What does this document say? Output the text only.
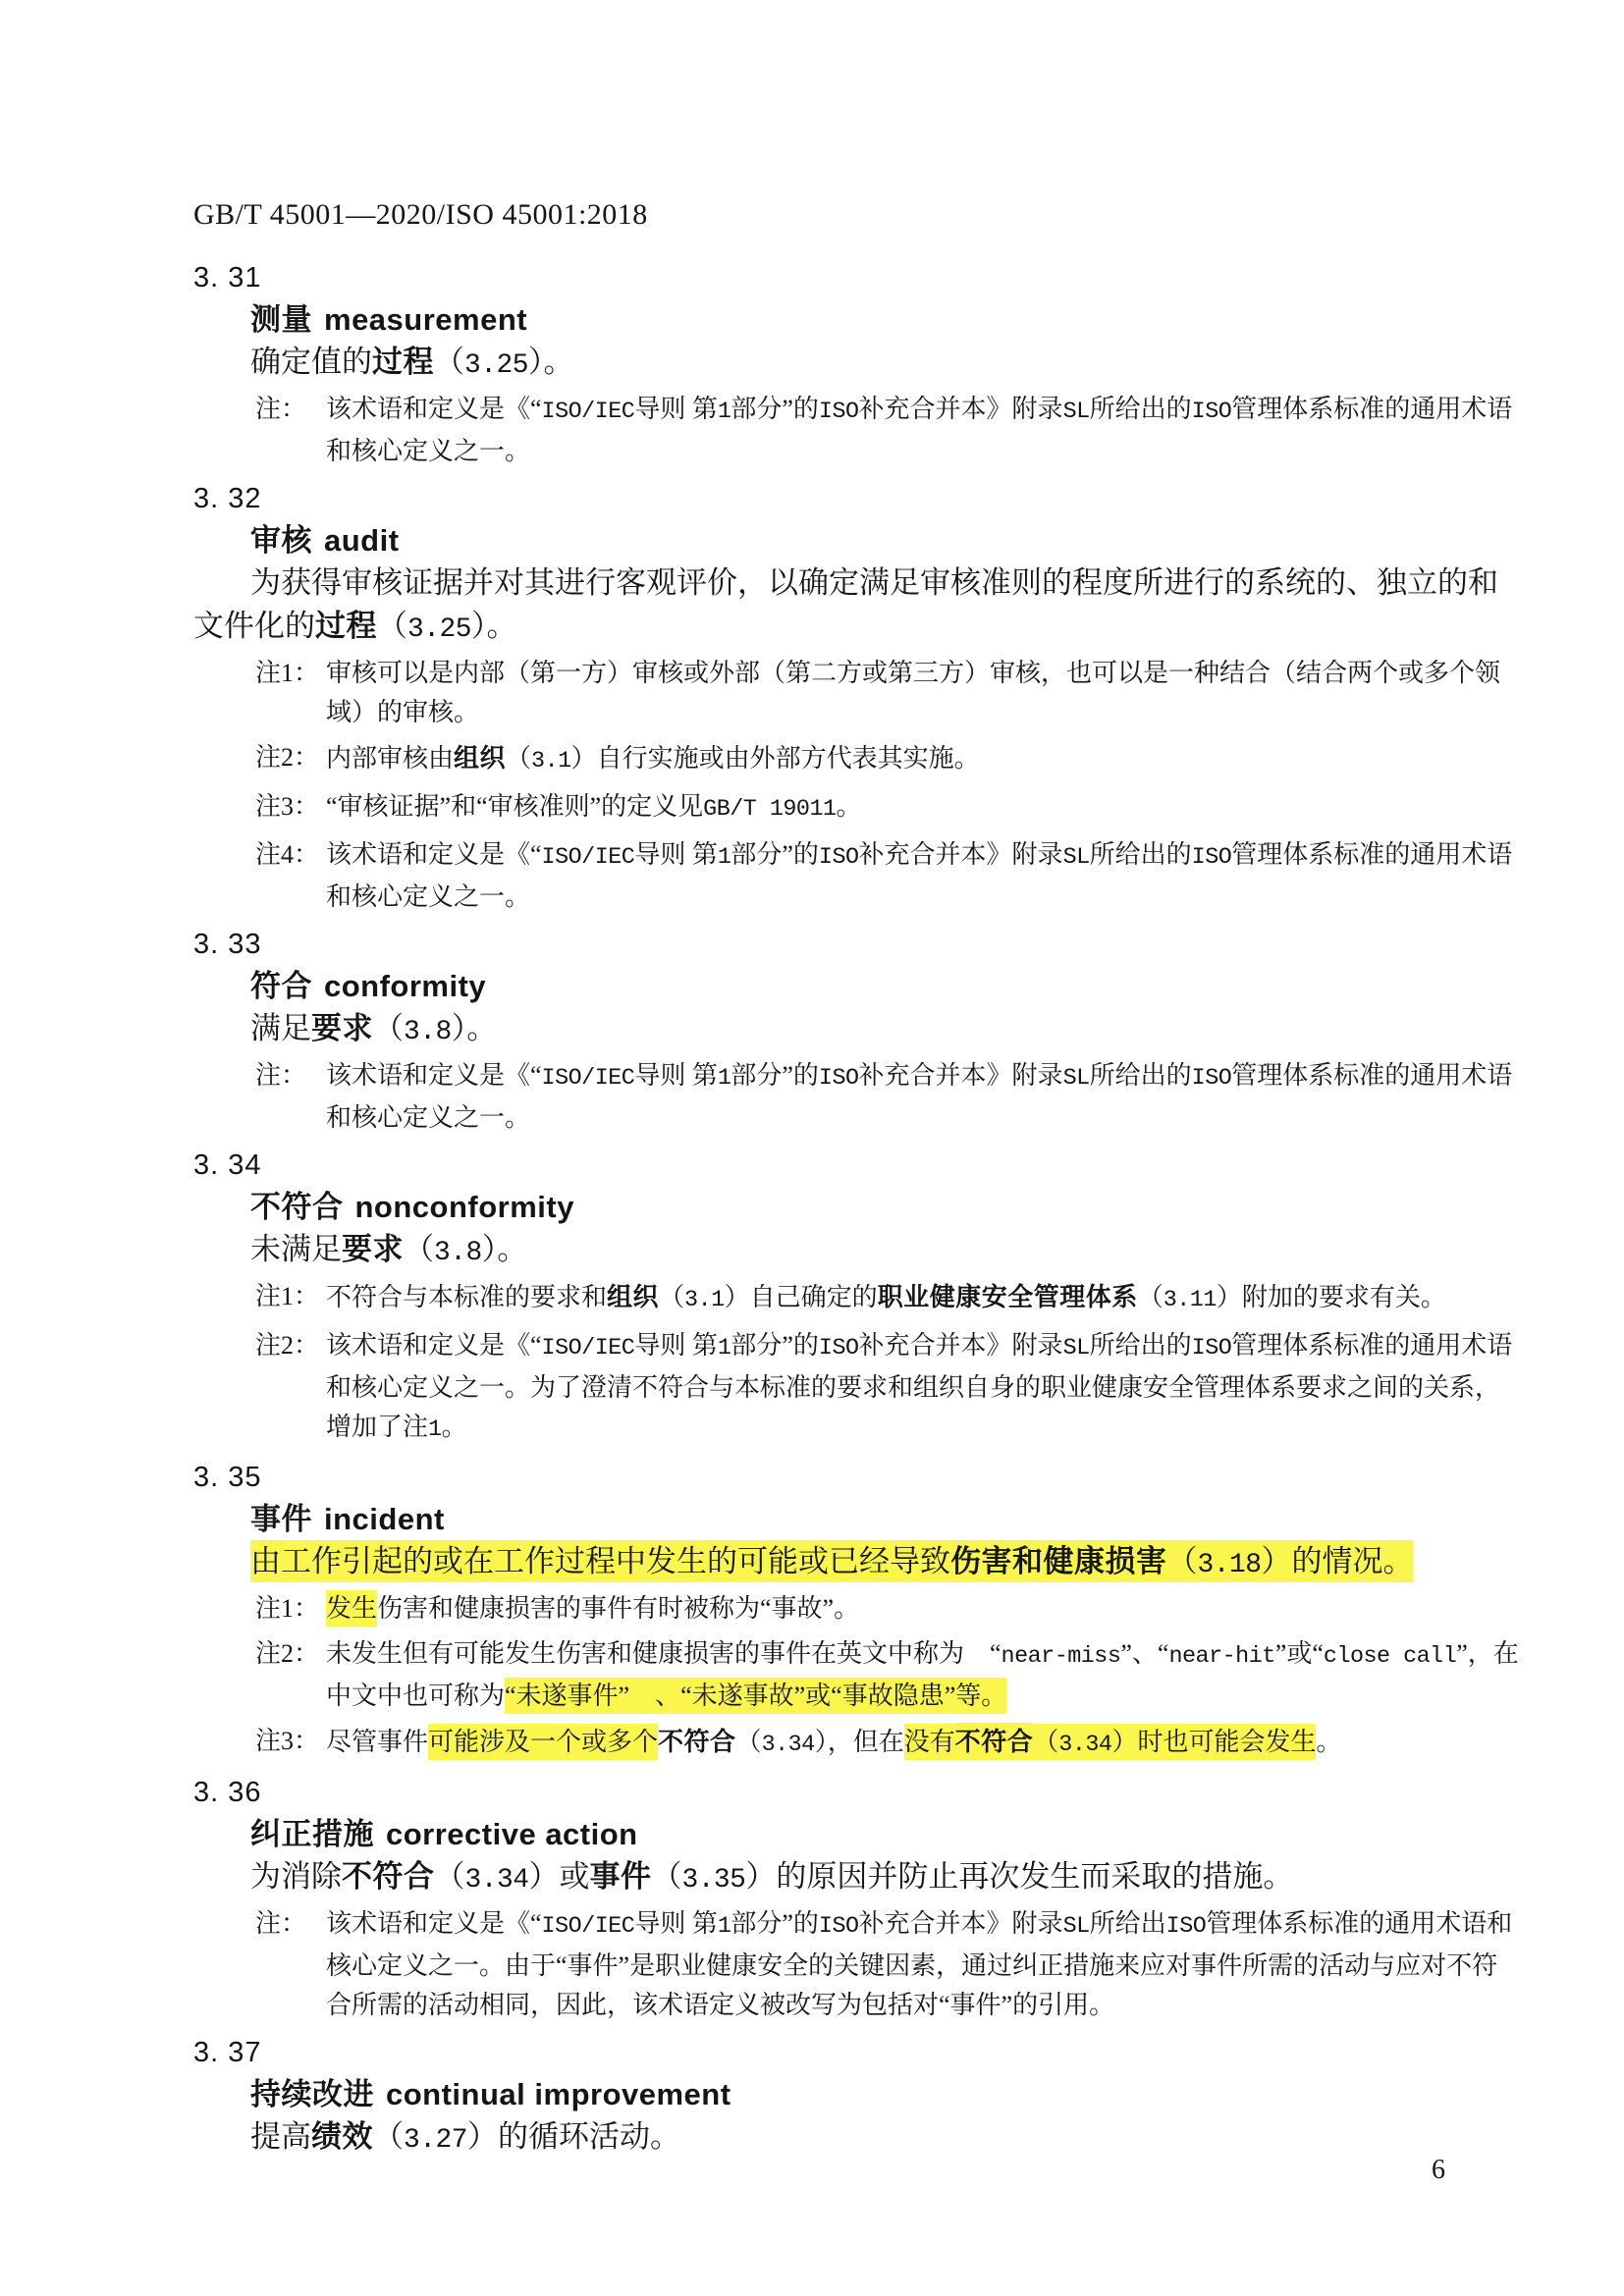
GB/T 45001—2020/ISO 45001:2018
3. 31
测量 measurement

确定值的过程（3.25）。

注： 该术语和定义是《“ISO/IEC导则 第1部分”的ISO补充合并本》附录SL所给出的ISO管理体系标准的通用术语和核心定义之一。
3. 32
审核 audit

为获得审核证据并对其进行客观评价，以确定满足审核准则的程度所进行的系统的、独立的和文件化的过程（3.25）。

注1： 审核可以是内部（第一方）审核或外部（第二方或第三方）审核，也可以是一种结合（结合两个或多个领域）的审核。
注2： 内部审核由组织（3.1）自行实施或由外部方代表其实施。
注3： “审核证据”和“审核准则”的定义见GB/T 19011。
注4： 该术语和定义是《“ISO/IEC导则 第1部分”的ISO补充合并本》附录SL所给出的ISO管理体系标准的通用术语和核心定义之一。
3. 33
符合 conformity

满足要求（3.8）。

注： 该术语和定义是《“ISO/IEC导则 第1部分”的ISO补充合并本》附录SL所给出的ISO管理体系标准的通用术语和核心定义之一。
3. 34
不符合 nonconformity

未满足要求（3.8）。

注1： 不符合与本标准的要求和组织（3.1）自己确定的职业健康安全管理体系（3.11）附加的要求有关。
注2： 该术语和定义是《“ISO/IEC导则 第1部分”的ISO补充合并本》附录SL所给出的ISO管理体系标准的通用术语和核心定义之一。为了澄清不符合与本标准的要求和组织自身的职业健康安全管理体系要求之间的关系，增加了注1。
3. 35
事件 incident

由工作引起的或在工作过程中发生的可能或已经导致伤害和健康损害（3.18）的情况。

注1： 发生伤害和健康损害的事件有时被称为“事故”。
注2： 未发生但有可能发生伤害和健康损害的事件在英文中称为　“near-miss”、“near-hit”或“close call”，在中文中也可称为“未遂事件”　、“未遂事故”或“事故隐患”等。
注3： 尽管事件可能涉及一个或多个不符合（3.34），但在没有不符合（3.34）时也可能会发生。
3. 36
纠正措施 corrective action

为消除不符合（3.34）或事件（3.35）的原因并防止再次发生而采取的措施。

注： 该术语和定义是《“ISO/IEC导则 第1部分”的ISO补充合并本》附录SL所给出ISO管理体系标准的通用术语和核心定义之一。由于“事件”是职业健康安全的关键因素，通过纠正措施来应对事件所需的活动与应对不符合所需的活动相同，因此，该术语定义被改写为包括对“事件”的引用。
3. 37
持续改进 continual improvement

提高绩效（3.27）的循环活动。

6
